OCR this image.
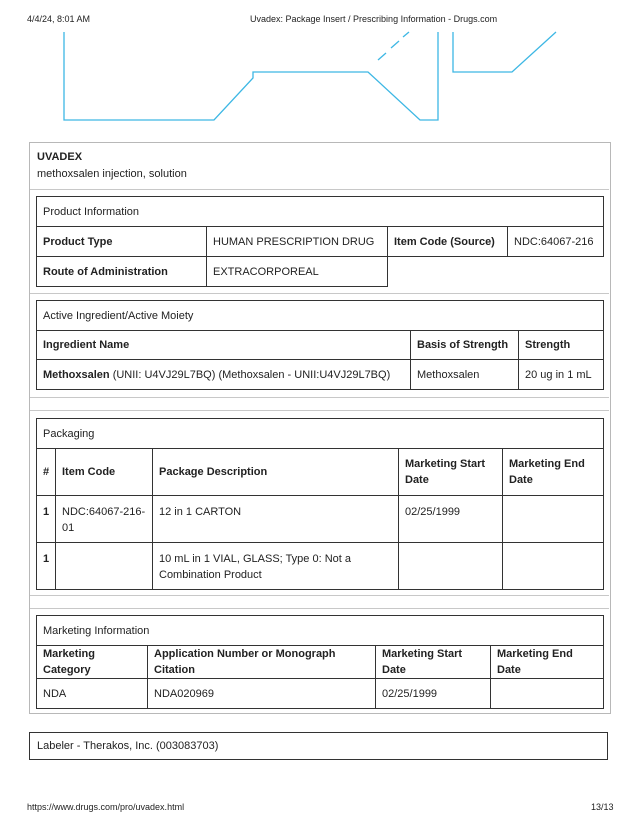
4/4/24, 8:01 AM	Uvadex: Package Insert / Prescribing Information - Drugs.com
UVADEX
methoxsalen injection, solution
Product Information			
Product Type	HUMAN PRESCRIPTION DRUG	Item Code (Source)	NDC:64067-216
Route of Administration	EXTRACORPOREAL		
Active Ingredient/Active Moiety		
Ingredient Name	Basis of Strength	Strength
Methoxsalen (UNII: U4VJ29L7BQ) (Methoxsalen - UNII:U4VJ29L7BQ)	Methoxsalen	20 ug in 1 mL
Packaging				
#	Item Code	Package Description	Marketing Start Date	Marketing End Date
1	NDC:64067-216-01	12 in 1 CARTON	02/25/1999	
1		10 mL in 1 VIAL, GLASS; Type 0: Not a Combination Product		
Marketing Information			
Marketing Category	Application Number or Monograph Citation	Marketing Start Date	Marketing End Date
NDA	NDA020969	02/25/1999	
Labeler - Therakos, Inc. (003083703)
https://www.drugs.com/pro/uvadex.html	13/13
